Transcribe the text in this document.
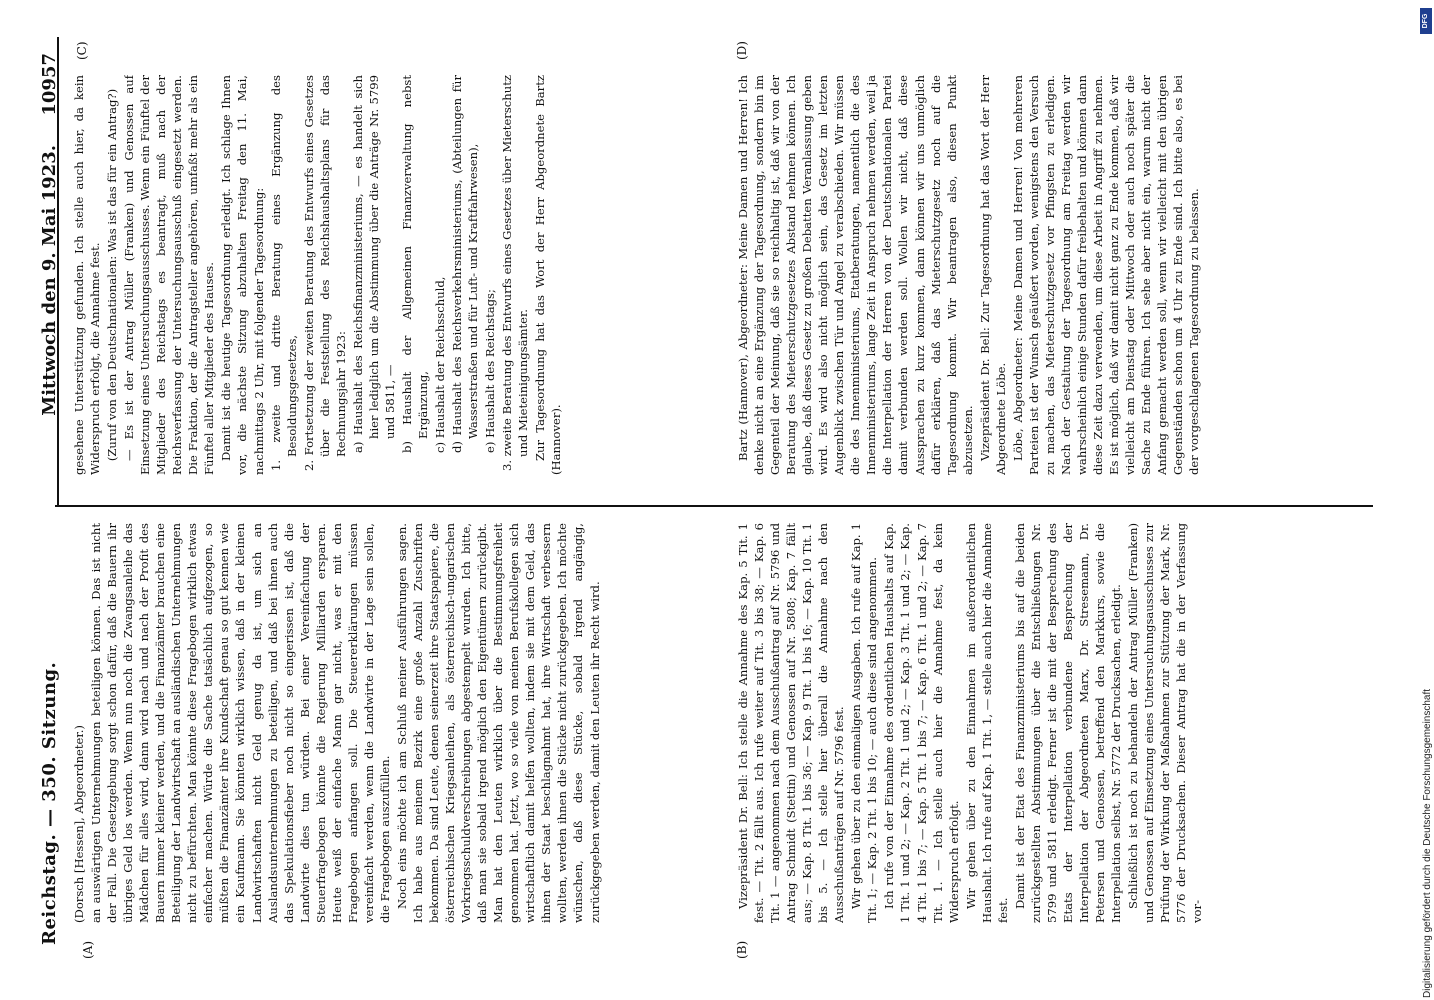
Reichstag. — 350. Sitzung.
Mittwoch den 9. Mai 1923.
10957
(A)	(B)
(C)	(D)

(Dorsch [Hessen], Abgeordneter.) an auswärtigen Unternehmungen beteiligen können. Das ist nicht der Fall. Die Gesetzgebung sorgt schon dafür, daß die Bauern ihr übriges Geld los werden. Wenn nun noch die Zwangsanleihe das Mädchen für alles wird, dann wird nach und nach der Profit des Bauern immer kleiner werden, und die Finanzämter brauchen eine Beteiligung der Landwirtschaft an ausländischen Unternehmungen nicht zu befürchten. Man könnte diese Fragebogen wirklich etwas einfacher machen. Würde die Sache tatsächlich aufgezogen, so müßten die Finanzämter ihre Kundschaft genau so gut kennen wie ein Kaufmann. Sie könnten wirklich wissen, daß in der kleinen Landwirtschaften nicht Geld genug da ist, um sich an Auslandsunternehmungen zu beteiligen, und daß bei ihnen auch das Spekulationsfieber noch nicht so eingerissen ist, daß die Landwirte dies tun würden. Bei einer Vereinfachung der Steuerfragebogen könnte die Regierung Milliarden ersparen. Heute weiß der einfache Mann gar nicht, was er mit den Fragebogen anfangen soll. Die Steuererklärungen müssen vereinfacht werden, wenn die Landwirte in der Lage sein sollen, die Fragebogen auszufüllen. Noch eins möchte ich am Schluß meiner Ausführungen sagen. Ich habe aus meinem Bezirk eine große Anzahl Zuschriften bekommen. Da sind Leute, denen seinerzeit ihre Staatspapiere, die österreichischen Kriegsanleihen, als österreichisch-ungarischen Vorkriegsschuldverschreibungen abgestempelt wurden. Ich bitte, daß man sie sobald irgend möglich den Eigentümern zurückgibt. Man hat den Leuten wirklich über die Bestimmungsfreiheit genommen hat. Jetzt, wo so viele von meinen Berufskollegen sich wirtschaftlich damit helfen wollten, indem sie mit dem Geld, das ihnen der Staat beschlagnahmt hat, ihre Wirtschaft verbessern wollten, werden ihnen die Stücke nicht zurückgegeben. Ich möchte wünschen, daß diese Stücke, sobald irgend angängig, zurückgegeben werden, damit den Leuten ihr Recht wird.	Vizepräsident Dr. Bell: Ich stelle die Annahme des Kap. 5 Tit. 1 fest. — Tit. 2 fällt aus. Ich rufe weiter auf Tit. 3 bis 38; — Kap. 6 Tit. 1 — angenommen nach dem Ausschußantrag auf Nr. 5796 und Antrag Schmidt (Stettin) und Genossen auf Nr. 5808; Kap. 7 fällt aus; — Kap. 8 Tit. 1 bis 36; — Kap. 9 Tit. 1 bis 16; — Kap. 10 Tit. 1 bis 5. — Ich stelle hier überall die Annahme nach den Ausschußanträgen auf Nr. 5796 fest. Wir gehen über zu den einmaligen Ausgaben. Ich rufe auf Kap. 1 Tit. 1; — Kap. 2 Tit. 1 bis 10; — auch diese sind angenommen. Ich rufe von der Einnahme des ordentlichen Haushalts auf Kap. 1 Tit. 1 und 2; — Kap. 2 Tit. 1 und 2; — Kap. 3 Tit. 1 und 2; — Kap. 4 Tit. 1 bis 7; — Kap. 5 Tit. 1 bis 7; — Kap. 6 Tit. 1 und 2; — Kap. 7 Tit. 1. — Ich stelle auch hier die Annahme fest, da kein Widerspruch erfolgt. Wir gehen über zu den Einnahmen im außerordentlichen Haushalt. Ich rufe auf Kap. 1 Tit. 1, — stelle auch hier die Annahme fest.

Damit ist der Etat des Finanzministeriums bis auf die beiden zurückgestellten Abstimmungen über die Entschließungen Nr. 5799 und 5811 erledigt. Ferner ist die mit der Besprechung des Etats der Interpellation verbundene Besprechung der Interpellation der Abgeordneten Marx, Dr. Stresemann, Dr. Petersen und Genossen, betreffend den Markkurs, sowie die Interpellation selbst, Nr. 5772 der Drucksachen, erledigt. Schließlich ist noch zu behandeln der Antrag Müller (Franken) und Genossen auf Einsetzung eines Untersuchungsausschusses zur Prüfung der Wirkung der Maßnahmen zur Stützung der Mark, Nr. 5776 der Drucksachen. Dieser Antrag hat die in der Verfassung vor-

gesehene Unterstützung gefunden. Ich stelle auch hier, da kein Widerspruch erfolgt, die Annahme fest. (Zuruf von den Deutschnationalen: Was ist das für ein Antrag?) — Es ist der Antrag Müller (Franken) und Genossen auf Einsetzung eines Untersuchungsausschusses. Wenn ein Fünftel der Mitglieder des Reichstags es beantragt, muß nach der Reichsverfassung der Untersuchungsausschuß eingesetzt werden. Die Fraktion, der die Antragsteller angehören, umfaßt mehr als ein Fünftel aller Mitglieder des Hauses. Damit ist die heutige Tagesordnung erledigt. Ich schlage Ihnen vor, die nächste Sitzung abzuhalten Freitag den 11. Mai, nachmittags 2 Uhr, mit folgender Tagesordnung: 1. zweite und dritte Beratung eines Ergänzung des Besoldungsgesetzes, 2. Fortsetzung der zweiten Beratung des Entwurfs eines Gesetzes über die Feststellung des Reichshaushaltsplans für das Rechnungsjahr 1923: a) Haushalt des Reichsfinanzministeriums, — es handelt sich hier lediglich um die Abstimmung über die Anträge Nr. 5799 und 5811, — b) Haushalt der Allgemeinen Finanzverwaltung nebst Ergänzung, c) Haushalt der Reichsschuld, d) Haushalt des Reichsverkehrsministeriums, (Abteilungen für Wasserstraßen und für Luft- und Kraftfahrwesen), e) Haushalt des Reichstags; 3. zweite Beratung des Entwurfs eines Gesetzes über Mieterschutz und Mieteinigungsämter. Zur Tagesordnung hat das Wort der Herr Abgeordnete Bartz (Hannover).	Bartz (Hannover), Abgeordneter: Meine Damen und Herren! Ich denke nicht an eine Ergänzung der Tagesordnung, sondern bin im Gegenteil der Meinung, daß sie so reichhaltig ist, daß wir von der Beratung des Mieterschutzgesetzes Abstand nehmen können. Ich glaube, daß dieses Gesetz zu großen Debatten Veranlassung geben wird. Es wird also nicht möglich sein, das Gesetz im letzten Augenblick zwischen Tür und Angel zu verabschieden. Wir müssen die des Innenministeriums, Etatberatungen, namentlich die des Innenministeriums, lange Zeit in Anspruch nehmen werden, weil ja die Interpellation der Herren von der Deutschnationalen Partei damit verbunden werden soll. Wollen wir nicht, daß diese Aussprachen zu kurz kommen, dann können wir uns unmöglich dafür erklären, daß das Mieterschutzgesetz noch auf die Tagesordnung kommt. Wir beantragen also, diesen Punkt abzusetzen. Vizepräsident Dr. Bell: Zur Tagesordnung hat das Wort der Herr Abgeordnete Löbe. Löbe, Abgeordneter: Meine Damen und Herren! Von mehreren Parteien ist der Wunsch geäußert worden, wenigstens den Versuch zu machen, das Mieterschutzgesetz vor Pfingsten zu erledigen. Nach der Gestaltung der Tagesordnung am Freitag werden wir wahrscheinlich einige Stunden dafür freibehalten und können dann diese Zeit dazu verwenden, um diese Arbeit in Angriff zu nehmen. Es ist möglich, daß wir damit nicht ganz zu Ende kommen, daß wir vielleicht am Dienstag oder Mittwoch oder auch noch später die Sache zu Ende führen. Ich sehe aber nicht ein, warum nicht der Anfang gemacht werden soll, wenn wir vielleicht mit den übrigen Gegenständen schon um 4 Uhr zu Ende sind. Ich bitte also, es bei der vorgeschlagenen Tagesordnung zu belassen.

Digitalisierung gefördert durch die Deutsche Forschungsgemeinschaft
DFG
